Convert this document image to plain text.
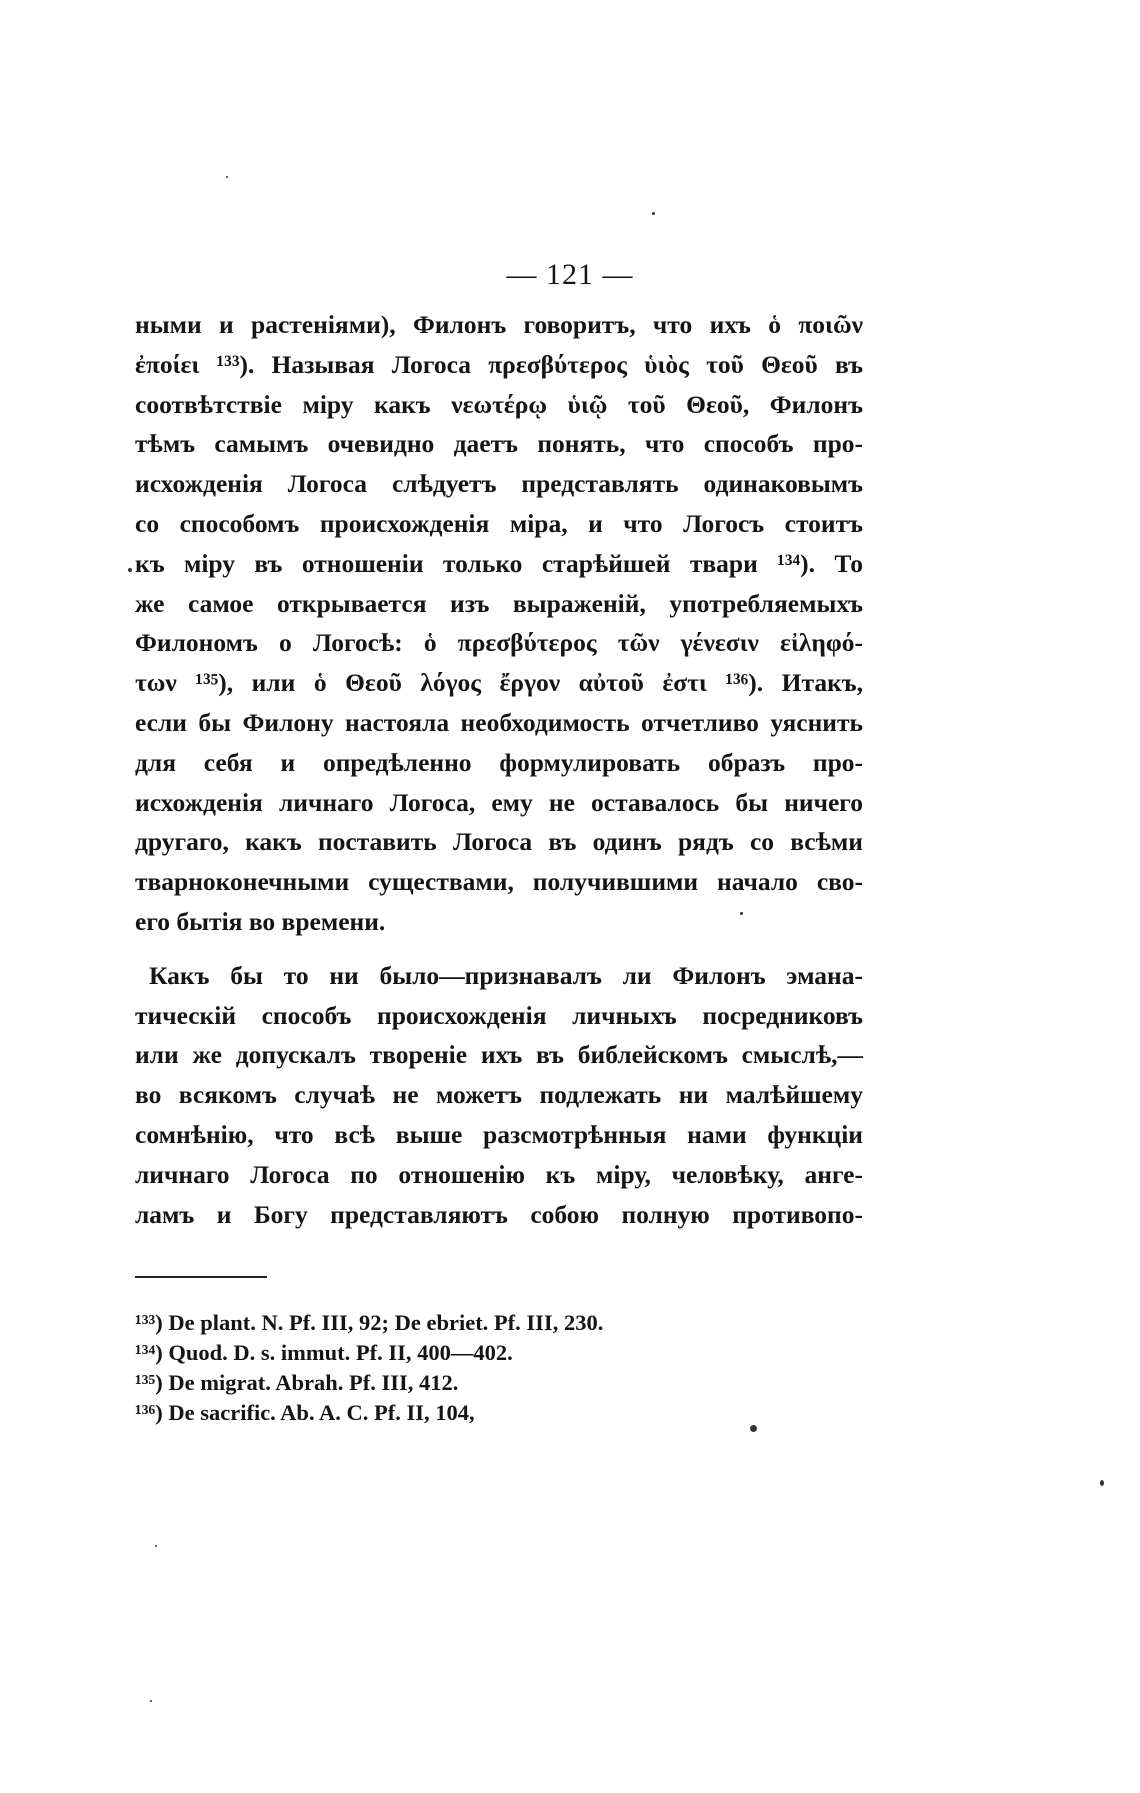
— 121 —
ными и растеніями), Филонъ говоритъ, что ихъ ὁ ποιῶν
ἐποίει ¹³³). Называя Логоса πρεσβύτερος ὑιὸς τοῦ Θεοῦ въ
соотвѣтствіе міру какъ νεωτέρῳ ὑιῷ τοῦ Θεοῦ, Филонъ
тѣмъ самымъ очевидно даетъ понять, что способъ про-
исхожденія Логоса слѣдуетъ представлять одинаковымъ
со способомъ происхожденія міра, и что Логосъ стоитъ
къ міру въ отношеніи только старѣйшей твари ¹³⁴). То
же самое открывается изъ выраженій, употребляемыхъ
Филономъ о Логосѣ: ὁ πρεσβύτερος τῶν γένεσιν εἰληφό-
των ¹³⁵), или ὁ Θεοῦ λόγος ἔργον αὐτοῦ ἐστι ¹³⁶). Итакъ,
если бы Филону настояла необходимость отчетливо уяснить
для себя и опредѣленно формулировать образъ про-
исхожденія личнаго Логоса, ему не оставалось бы ничего
другаго, какъ поставить Логоса въ одинъ рядъ со всѣми
тварноконечными существами, получившими начало сво-
его бытія во времени.
Какъ бы то ни было—признавалъ ли Филонъ эмана-
тическій способъ происхожденія личныхъ посредниковъ
или же допускалъ твореніе ихъ въ библейскомъ смыслѣ,—
во всякомъ случаѣ не можетъ подлежать ни малѣйшему
сомнѣнію, что всѣ выше разсмотрѣнныя нами функціи
личнаго Логоса по отношенію къ міру, человѣку, анге-
ламъ и Богу представляютъ собою полную противопо-
¹³³) De plant. N. Pf. III, 92; De ebriet. Pf. III, 230.
¹³⁴) Quod. D. s. immut. Pf. II, 400—402.
¹³⁵) De migrat. Abrah. Pf. III, 412.
¹³⁶) De sacrific. Ab. A. C. Pf. II, 104,
